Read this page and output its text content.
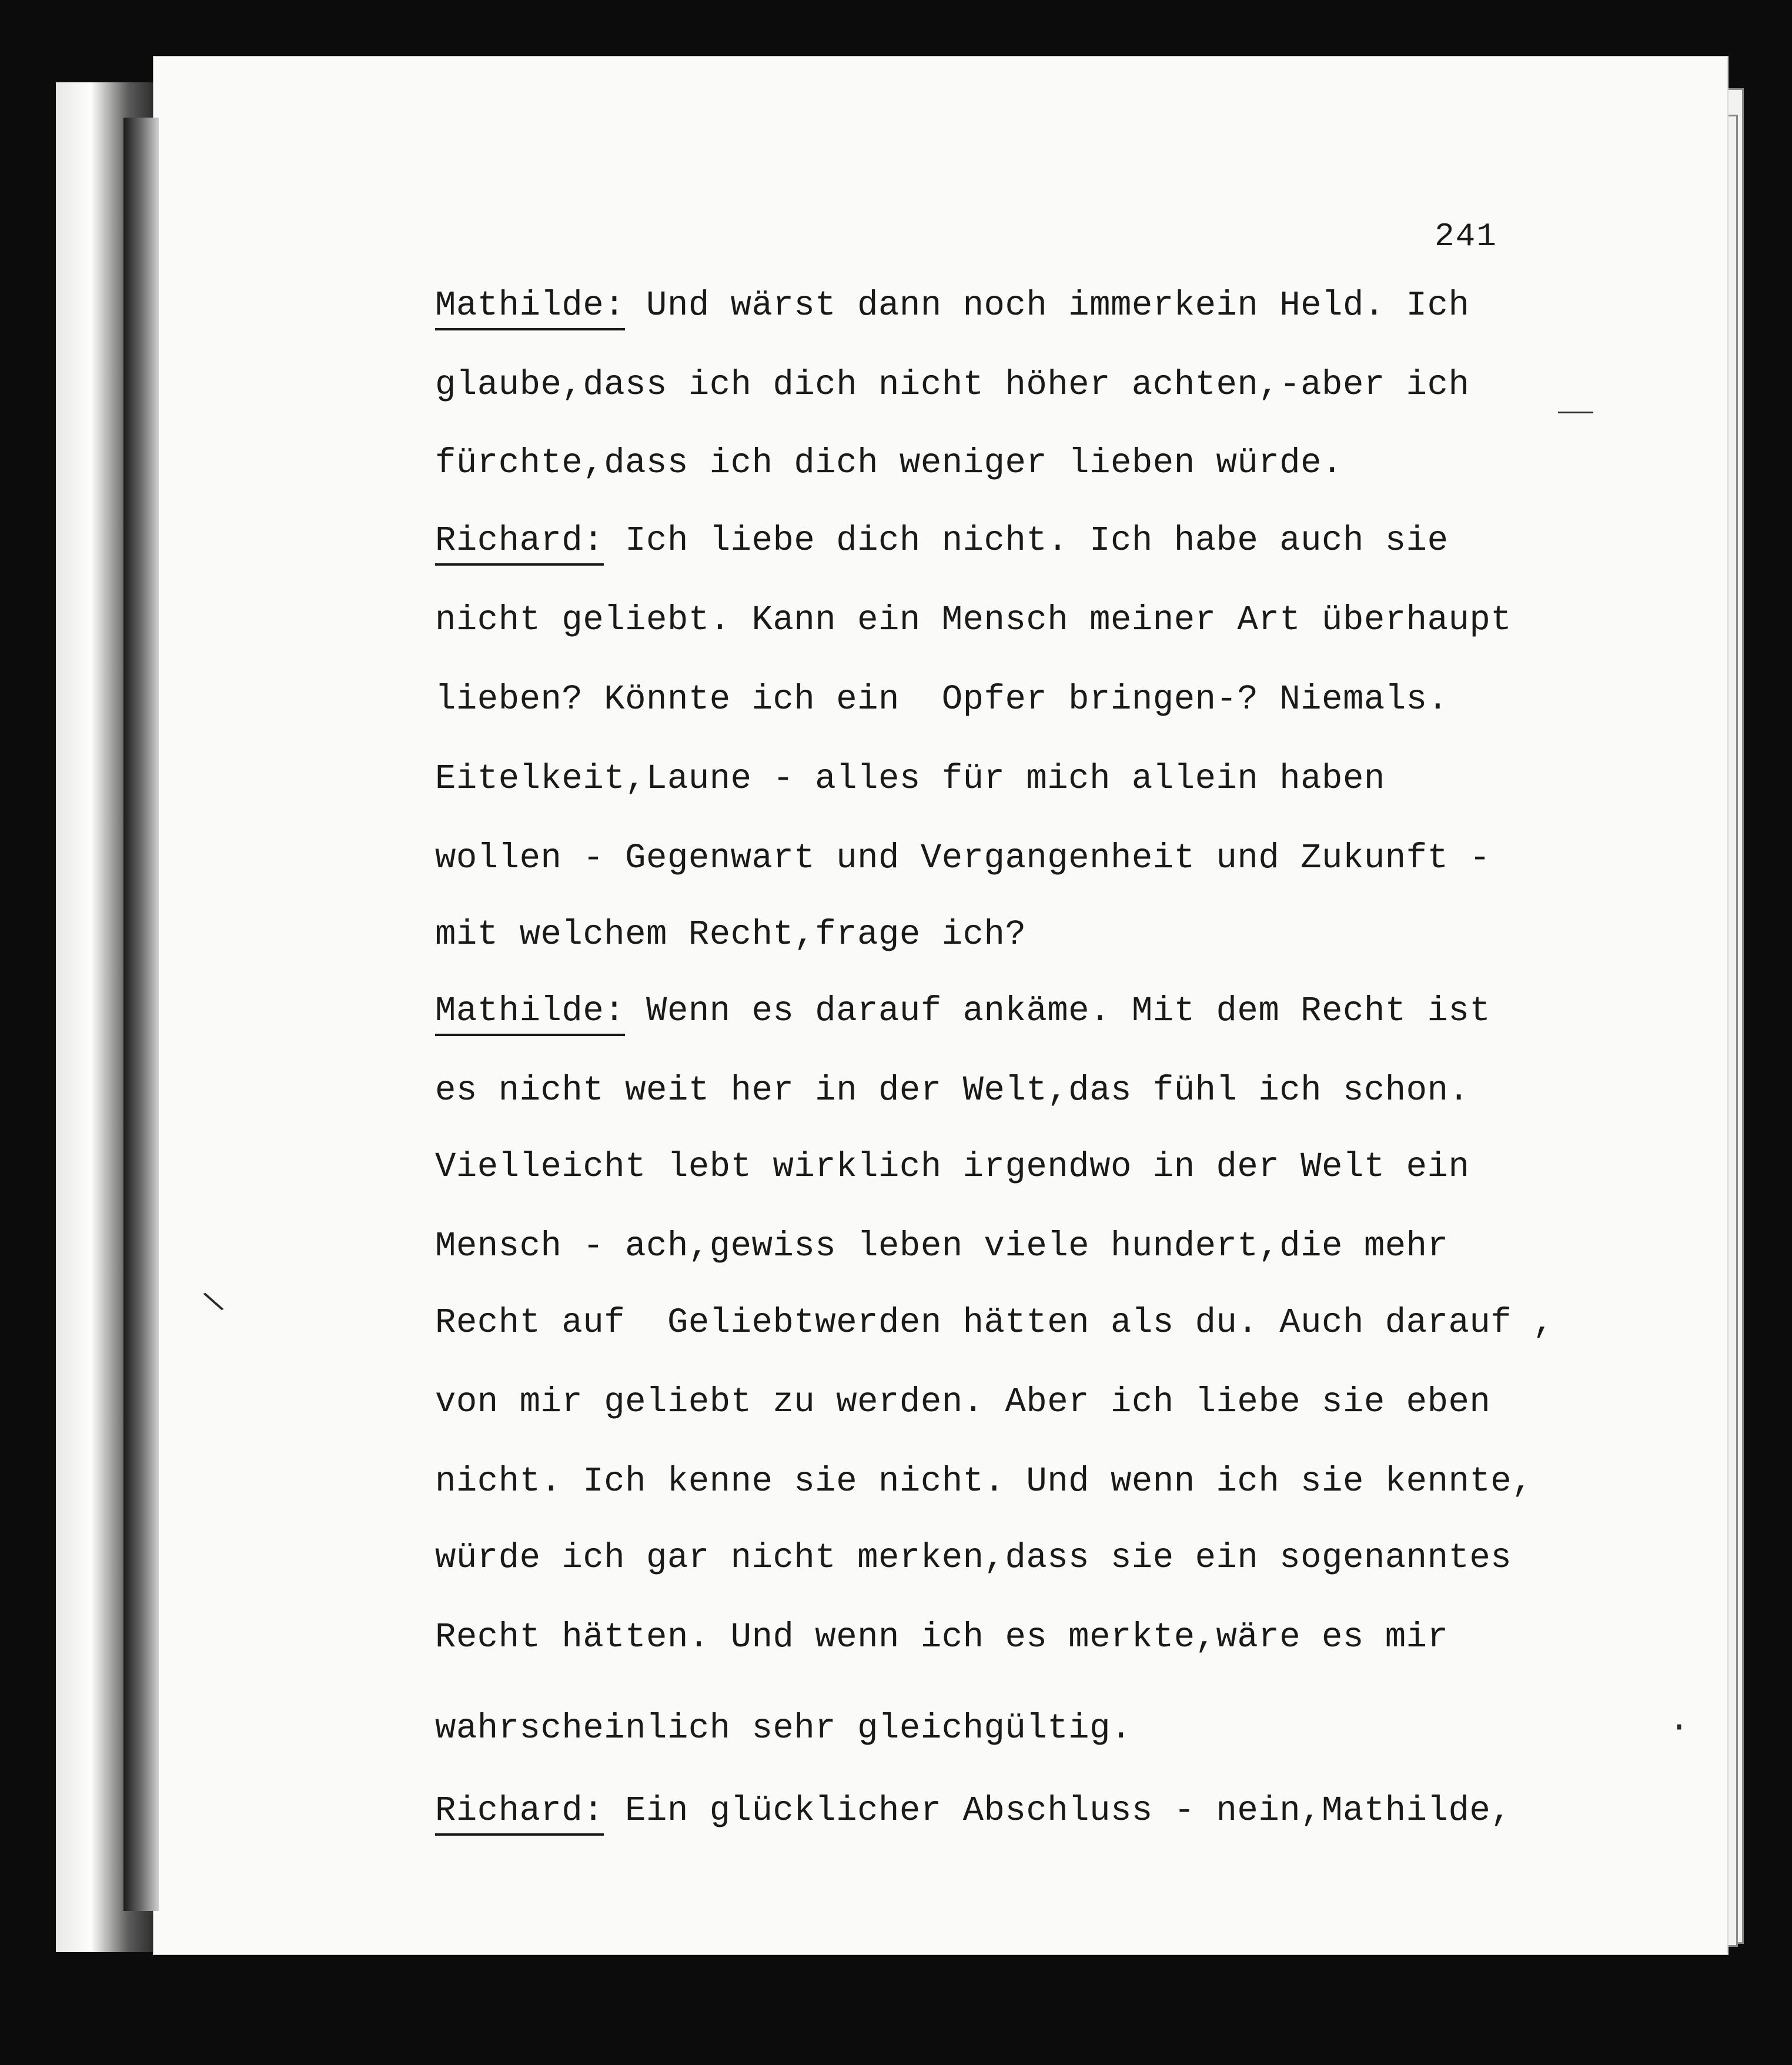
241
Mathilde: Und wärst dann noch immerkein Held. Ich
glaube,dass ich dich nicht höher achten,-aber ich
fürchte,dass ich dich weniger lieben würde.
Richard: Ich liebe dich nicht. Ich habe auch sie
nicht geliebt. Kann ein Mensch meiner Art überhaupt
lieben? Könnte ich ein  Opfer bringen-? Niemals.
Eitelkeit,Laune - alles für mich allein haben
wollen - Gegenwart und Vergangenheit und Zukunft -
mit welchem Recht,frage ich?
Mathilde: Wenn es darauf ankäme. Mit dem Recht ist
es nicht weit her in der Welt,das fühl ich schon.
Vielleicht lebt wirklich irgendwo in der Welt ein
Mensch - ach,gewiss leben viele hundert,die mehr
Recht auf  Geliebtwerden hätten als du. Auch darauf ,
von mir geliebt zu werden. Aber ich liebe sie eben
nicht. Ich kenne sie nicht. Und wenn ich sie kennte,
würde ich gar nicht merken,dass sie ein sogenanntes
Recht hätten. Und wenn ich es merkte,wäre es mir
wahrscheinlich sehr gleichgültig.
Richard: Ein glücklicher Abschluss - nein,Mathilde,
·
\
